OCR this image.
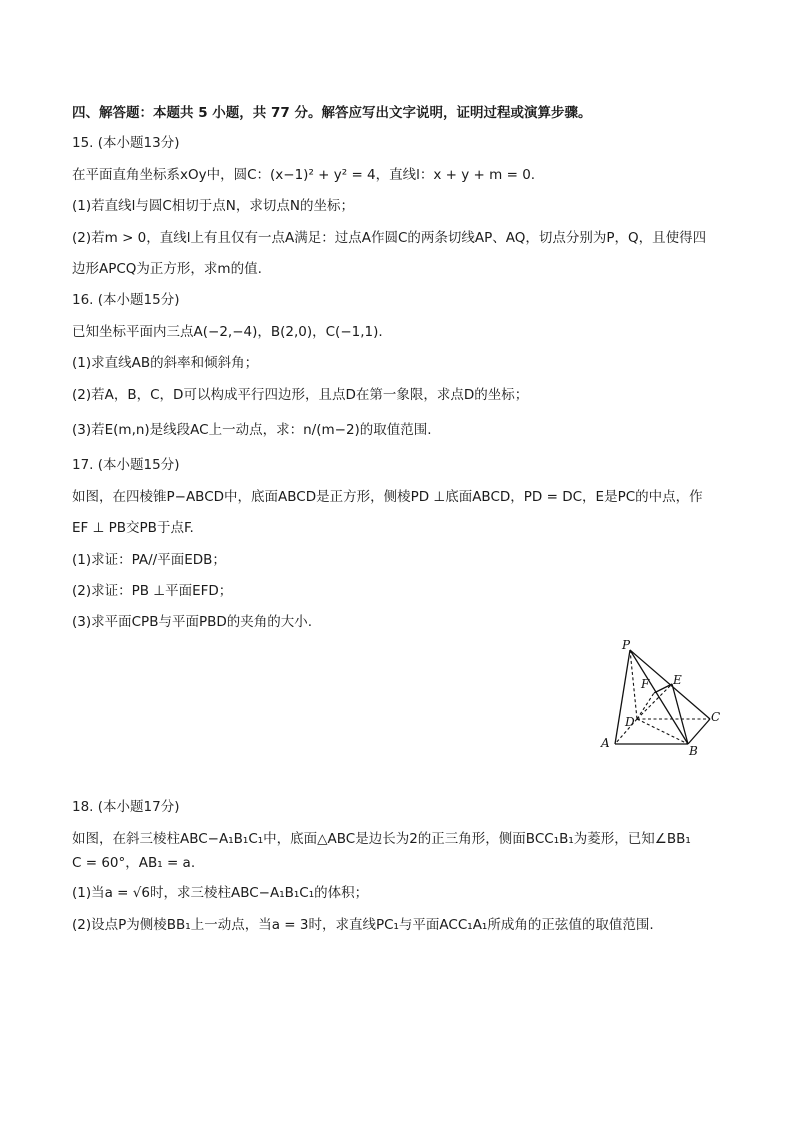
四、解答题：本题共 5 小题，共 77 分。解答应写出文字说明，证明过程或演算步骤。
15. (本小题13分)
在平面直角坐标系xOy中，圆C：(x−1)² + y² = 4，直线l：x + y + m = 0.
(1)若直线l与圆C相切于点N，求切点N的坐标；
(2)若m > 0，直线l上有且仅有一点A满足：过点A作圆C的两条切线AP、AQ，切点分别为P，Q，且使得四
边形APCQ为正方形，求m的值.
16. (本小题15分)
已知坐标平面内三点A(−2,−4)，B(2,0)，C(−1,1).
(1)求直线AB的斜率和倾斜角；
(2)若A，B，C，D可以构成平行四边形，且点D在第一象限，求点D的坐标；
(3)若E(m,n)是线段AC上一动点，求：n/(m−2)的取值范围.
17. (本小题15分)
如图，在四棱锥P−ABCD中，底面ABCD是正方形，侧棱PD ⊥底面ABCD，PD = DC，E是PC的中点，作
EF ⊥ PB交PB于点F.
(1)求证：PA//平面EDB；
(2)求证：PB ⊥平面EFD；
(3)求平面CPB与平面PBD的夹角的大小.
P
F E
D	C
A
B
18. (本小题17分)
如图，在斜三棱柱ABC−A₁B₁C₁中，底面△ABC是边长为2的正三角形，侧面BCC₁B₁为菱形，已知∠BB₁
C = 60°，AB₁ = a.
(1)当a = √6时，求三棱柱ABC−A₁B₁C₁的体积；
(2)设点P为侧棱BB₁上一动点，当a = 3时，求直线PC₁与平面ACC₁A₁所成角的正弦值的取值范围.
